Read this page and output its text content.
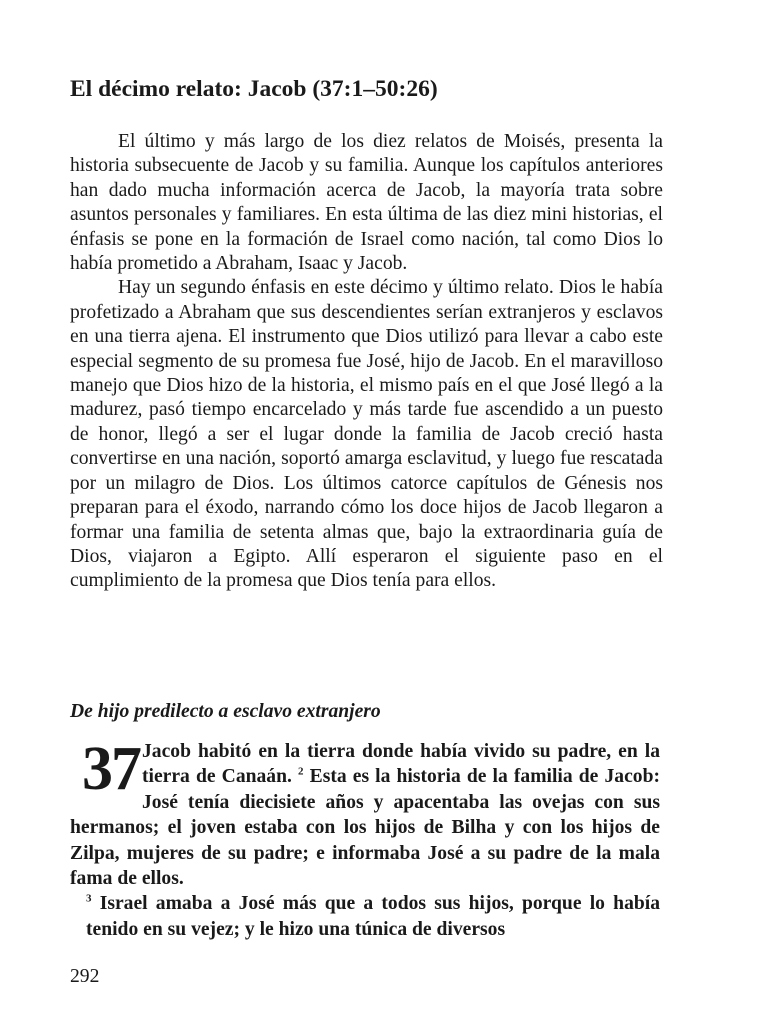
El décimo relato: Jacob (37:1–50:26)

El último y más largo de los diez relatos de Moisés, presenta la historia subsecuente de Jacob y su familia. Aunque los capítulos anteriores han dado mucha información acerca de Jacob, la mayoría trata sobre asuntos personales y familiares. En esta última de las diez mini historias, el énfasis se pone en la formación de Israel como nación, tal como Dios lo había prometido a Abraham, Isaac y Jacob.

Hay un segundo énfasis en este décimo y último relato. Dios le había profetizado a Abraham que sus descendientes serían extranjeros y esclavos en una tierra ajena. El instrumento que Dios utilizó para llevar a cabo este especial segmento de su promesa fue José, hijo de Jacob. En el maravilloso manejo que Dios hizo de la historia, el mismo país en el que José llegó a la madurez, pasó tiempo encarcelado y más tarde fue ascendido a un puesto de honor, llegó a ser el lugar donde la familia de Jacob creció hasta convertirse en una nación, soportó amarga esclavitud, y luego fue rescatada por un milagro de Dios. Los últimos catorce capítulos de Génesis nos preparan para el éxodo, narrando cómo los doce hijos de Jacob llegaron a formar una familia de setenta almas que, bajo la extraordinaria guía de Dios, viajaron a Egipto. Allí esperaron el siguiente paso en el cumplimiento de la promesa que Dios tenía para ellos.

De hijo predilecto a esclavo extranjero

37 Jacob habitó en la tierra donde había vivido su padre, en la tierra de Canaán. $^2$ Esta es la historia de la familia de Jacob: José tenía diecisiete años y apacentaba las ovejas con sus hermanos; el joven estaba con los hijos de Bilha y con los hijos de Zilpa, mujeres de su padre; e informaba José a su padre de la mala fama de ellos.

$^3$ Israel amaba a José más que a todos sus hijos, porque lo había tenido en su vejez; y le hizo una túnica de diversos

292
